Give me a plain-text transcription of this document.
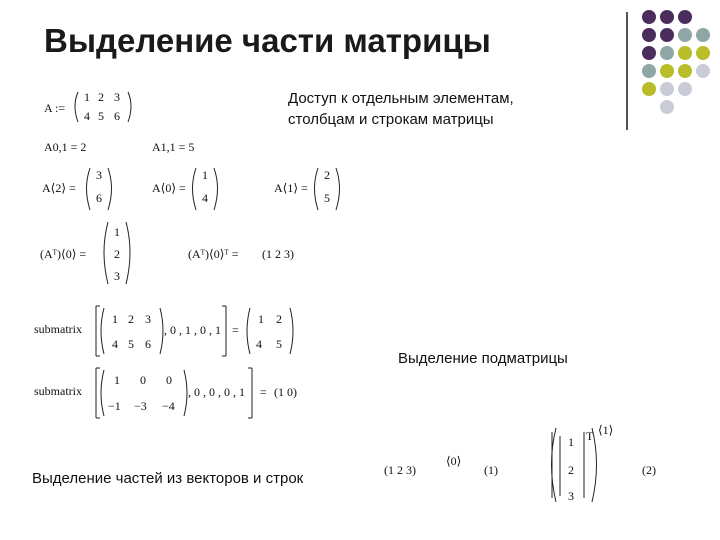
Выделение части матрицы
Доступ к отдельным элементам,
столбцам и строкам матрицы
Выделение подматрицы
Выделение частей из векторов и строк
A :=
1 2 3
4 5 6
A0,1 = 2	A1,1 = 5
A⟨2⟩ =
3
6
A⟨0⟩ =
1
4
A⟨1⟩ =
2
5
(Aᵀ)⟨0⟩ =
1
2
3
(Aᵀ)⟨0⟩ᵀ = (1 2 3)
submatrix
1 2 3
4 5 6
, 0 , 1 , 0 , 1 =
1 2
4 5
submatrix
1 0 0
−1 −3 −4
, 0 , 0 , 0 , 1 = (1 0)
(1 2 3)
⟨0⟩
(1)
1
2
3
T ⟨1⟩
(2)
